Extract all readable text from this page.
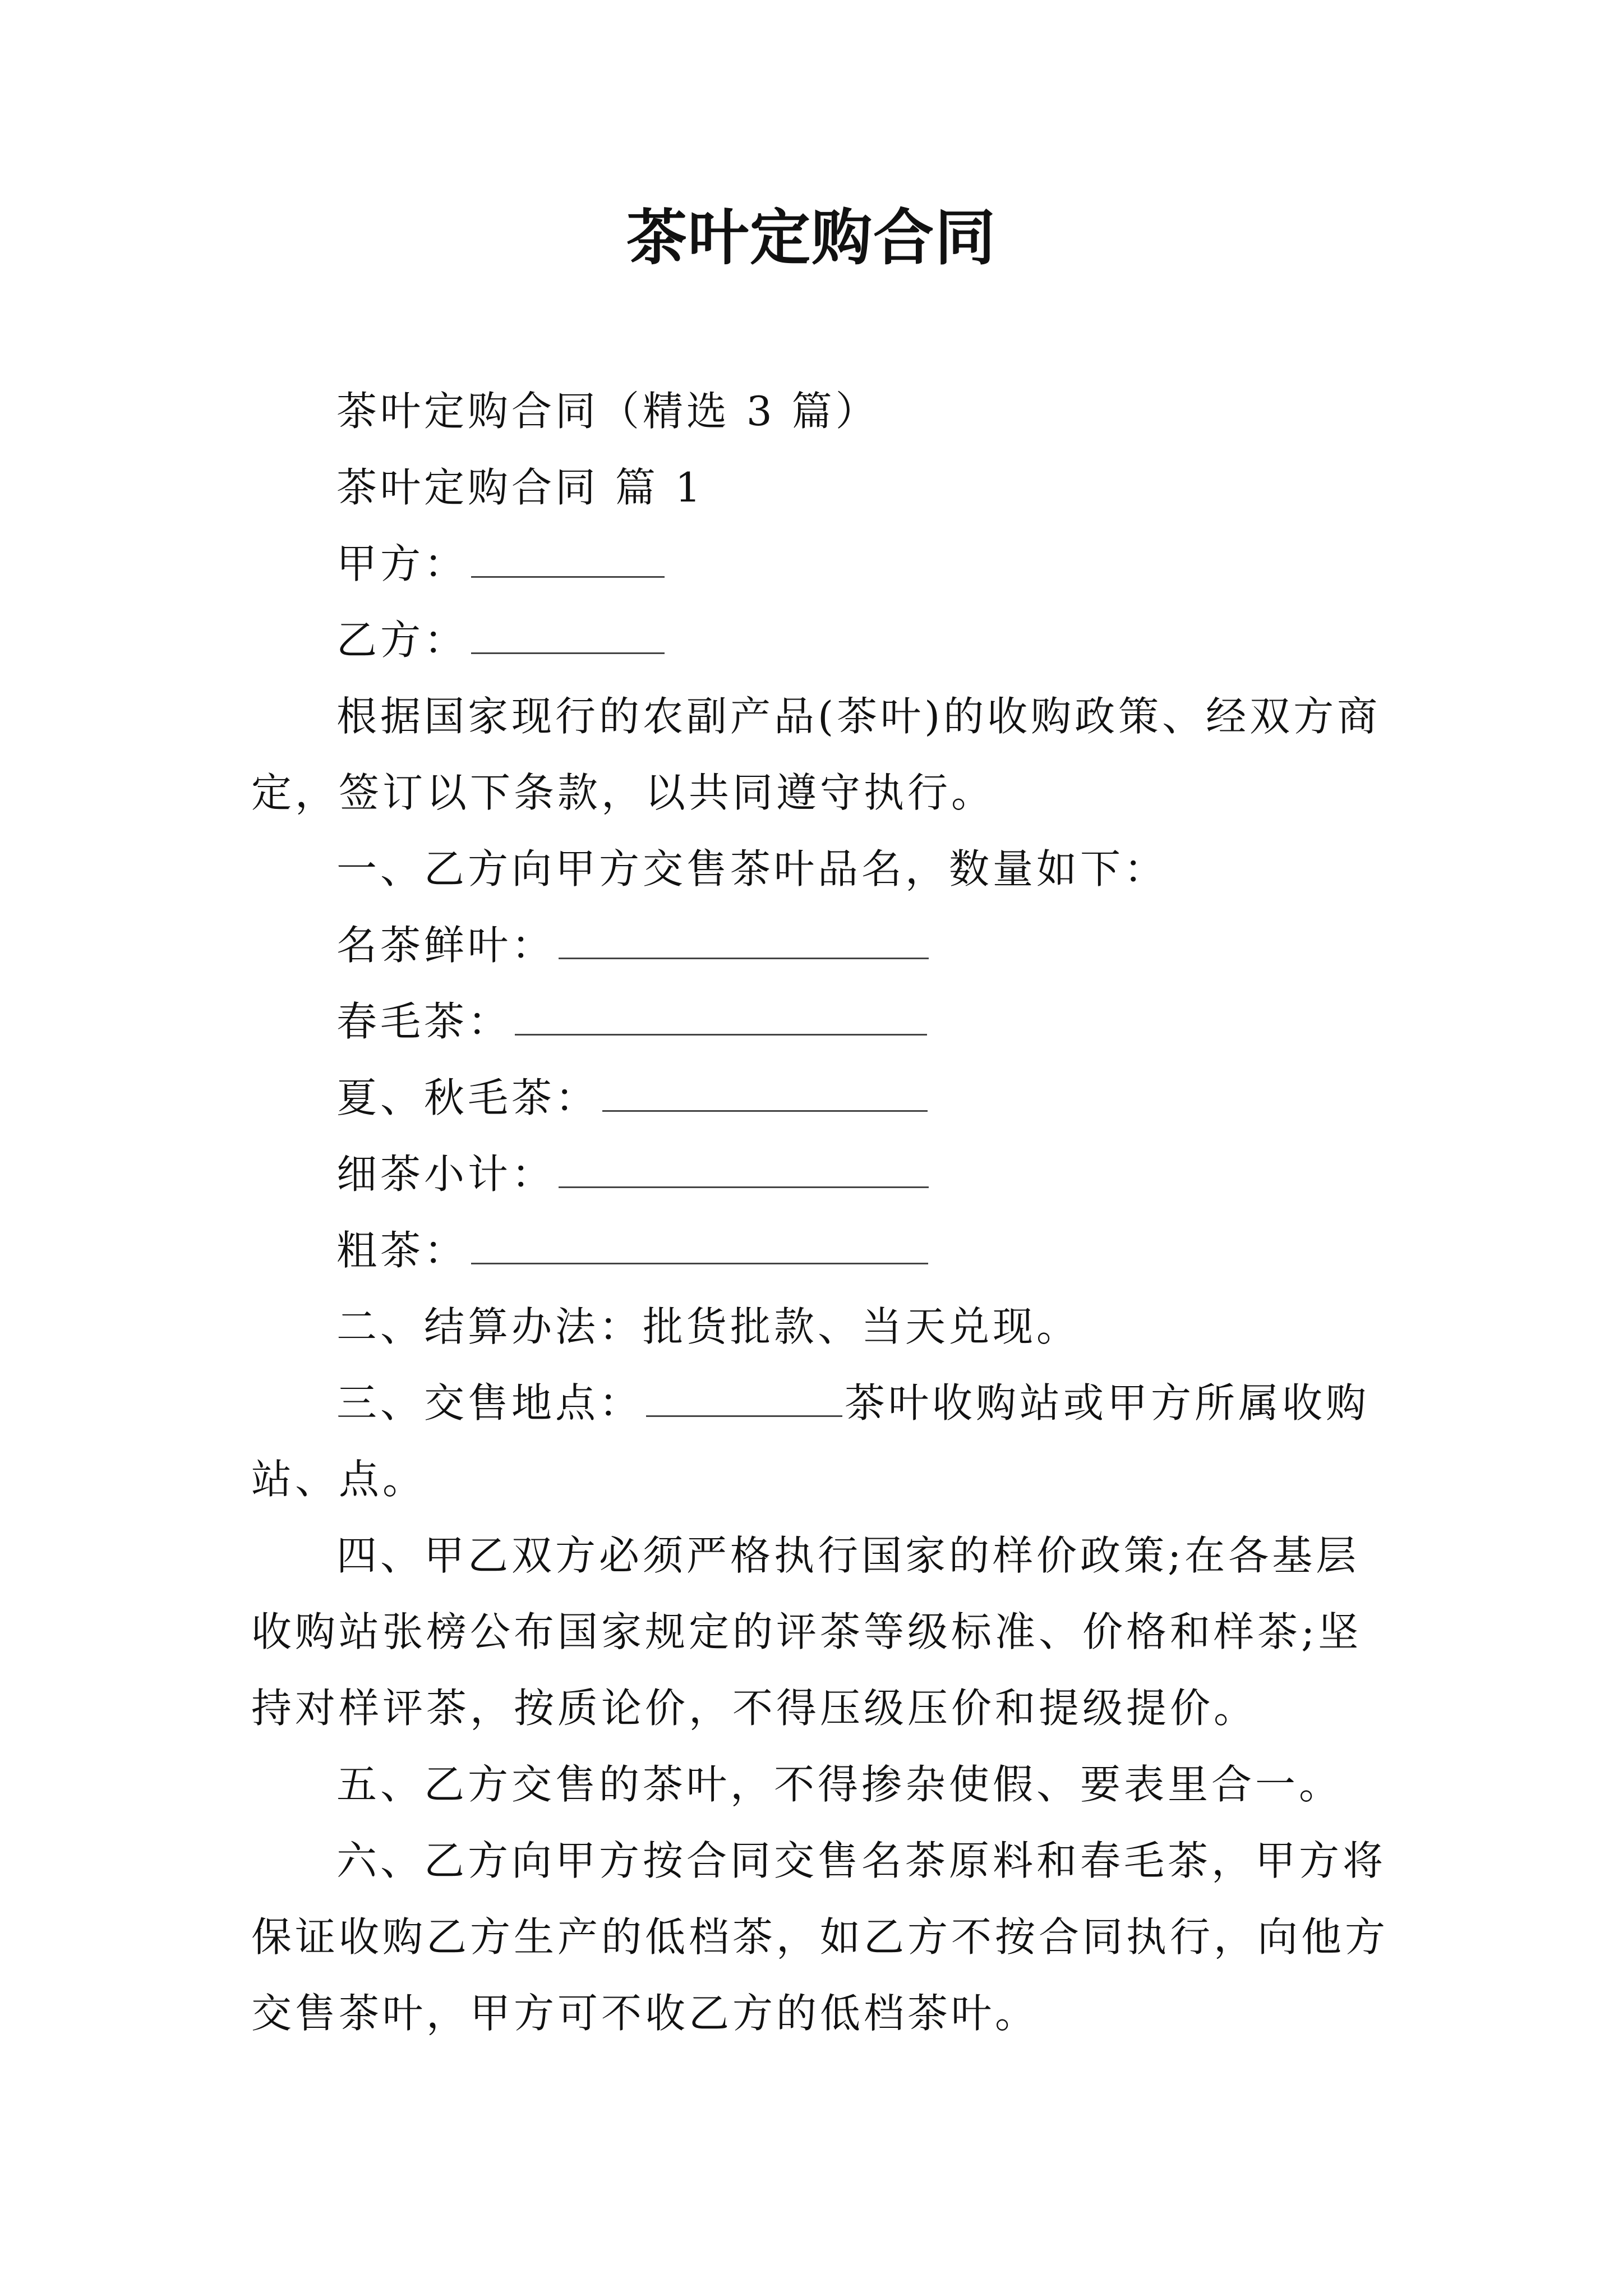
茶叶定购合同

茶叶定购合同（精选 3 篇）

茶叶定购合同 篇 1

甲方：

乙方：

根据国家现行的农副产品(茶叶)的收购政策、经双方商定，签订以下条款，以共同遵守执行。

一、乙方向甲方交售茶叶品名，数量如下：

名茶鲜叶：

春毛茶：

夏、秋毛茶：

细茶小计：

粗茶：

二、结算办法：批货批款、当天兑现。

三、交售地点：	茶叶收购站或甲方所属收购站、点。

四、甲乙双方必须严格执行国家的样价政策;在各基层收购站张榜公布国家规定的评茶等级标准、价格和样茶;坚持对样评茶，按质论价，不得压级压价和提级提价。

五、乙方交售的茶叶，不得掺杂使假、要表里合一。

六、乙方向甲方按合同交售名茶原料和春毛茶，甲方将保证收购乙方生产的低档茶，如乙方不按合同执行，向他方交售茶叶，甲方可不收乙方的低档茶叶。
